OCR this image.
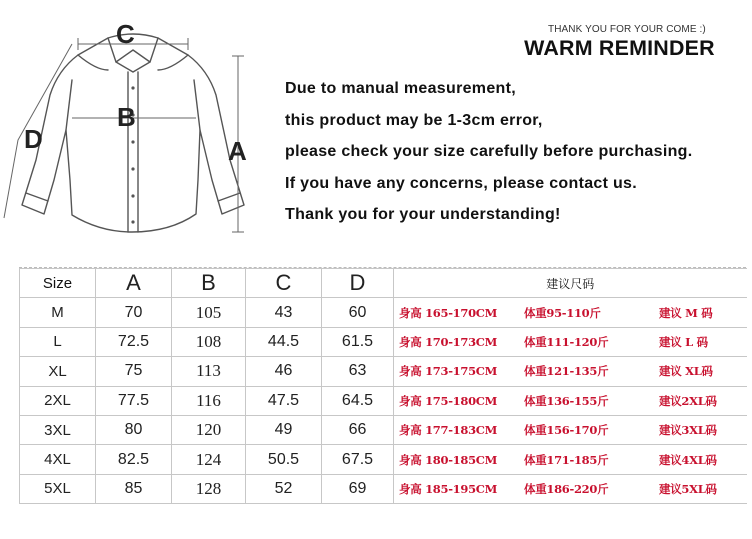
C
B
D	A
THANK YOU FOR YOUR COME :)
WARM REMINDER
Due to manual measurement,
this product may be 1-3cm error,
please check your size carefully before purchasing.
If you have any concerns, please contact us.
Thank you for your understanding!
Size	A	B	C	D	建议尺码
M	70	105	43	60	身高 165-170CM 体重95-110斤 建议 M 码

L	72.5	108	44.5	61.5	身高 170-173CM 体重111-120斤 建议 L 码

XL	75	113	46	63	身高 173-175CM 体重121-135斤 建议 XL码

2XL	77.5	116	47.5	64.5	身高 175-180CM 体重136-155斤 建议2XL码

3XL	80	120	49	66	身高 177-183CM 体重156-170斤 建议3XL码

4XL	82.5	124	50.5	67.5	身高 180-185CM 体重171-185斤 建议4XL码

5XL	85	128	52	69	身高 185-195CM 体重186-220斤 建议5XL码
